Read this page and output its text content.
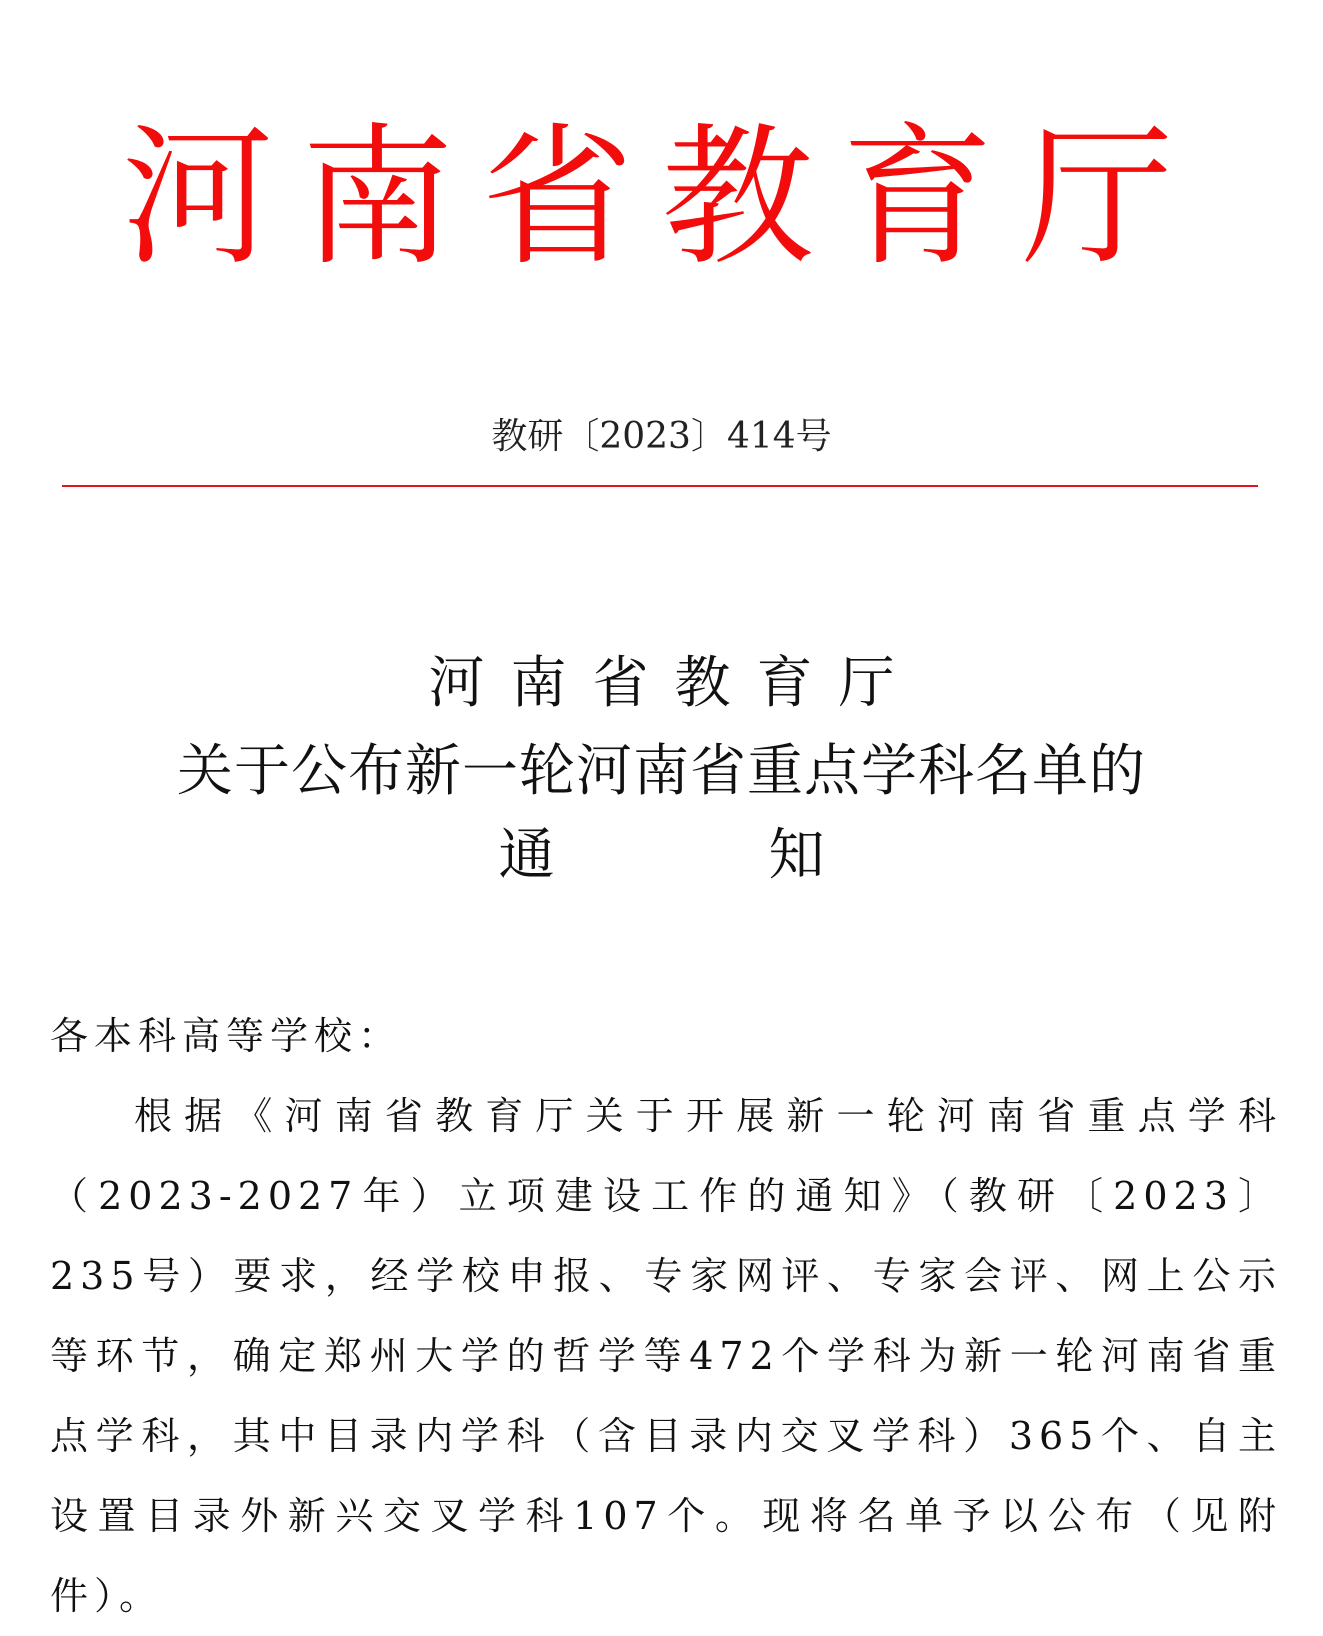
河南省教育厅
教研〔2023〕414号
河南省教育厅
关于公布新一轮河南省重点学科名单的
通	知
各本科高等学校：

根据《河南省教育厅关于开展新一轮河南省重点学科（2023-2027年）立项建设工作的通知》（教研〔2023〕235号）要求，经学校申报、专家网评、专家会评、网上公示等环节，确定郑州大学的哲学等472个学科为新一轮河南省重点学科，其中目录内学科（含目录内交叉学科）365个、自主设置目录外新兴交叉学科107个。现将名单予以公布（见附件）。
